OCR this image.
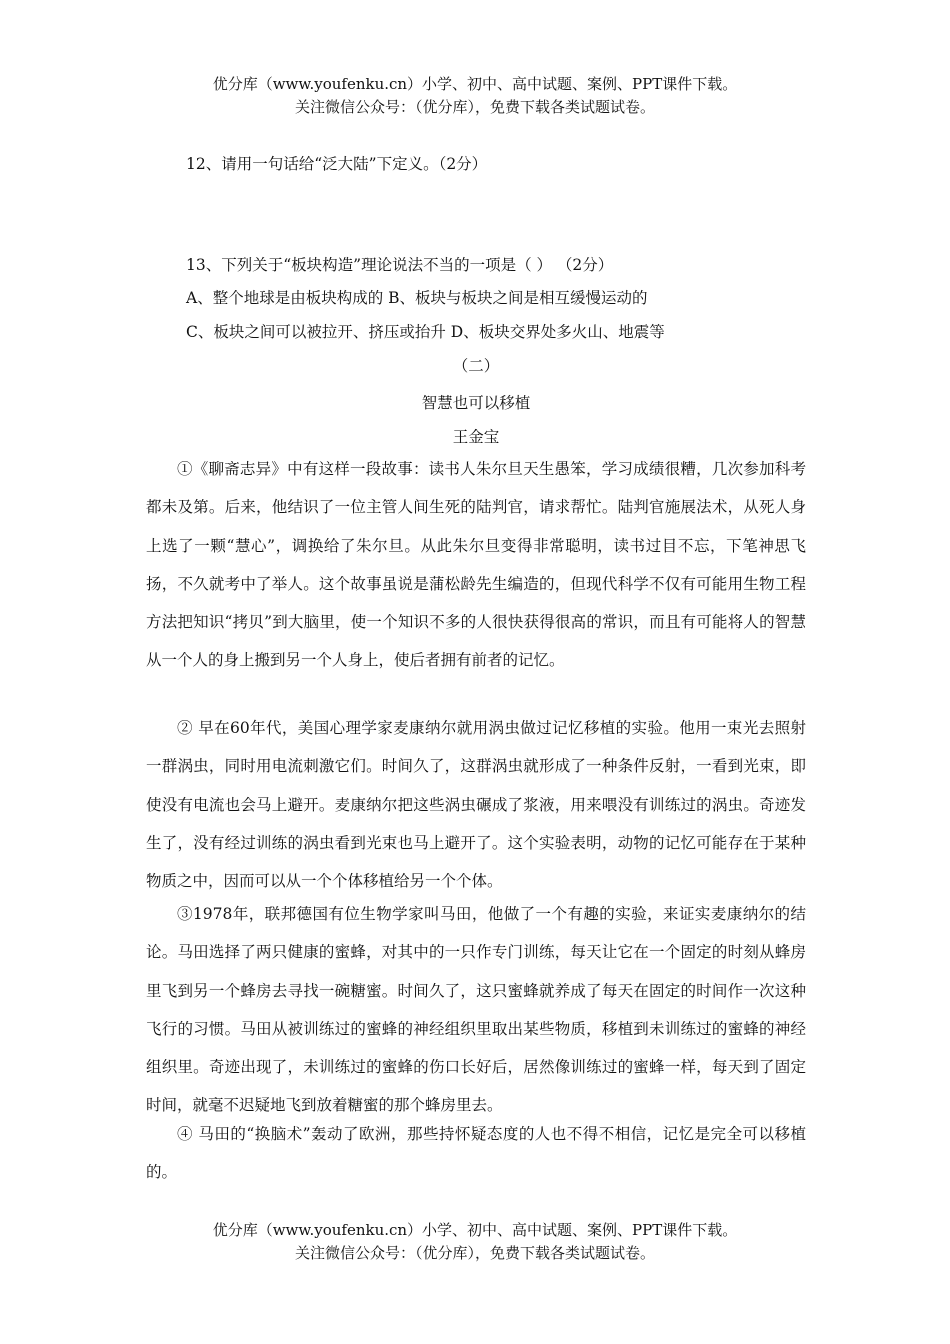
优分库（www.youfenku.cn）小学、初中、高中试题、案例、PPT课件下载。
关注微信公众号：（优分库），免费下载各类试题试卷。
12、请用一句话给“泛大陆”下定义。（2分）
13、下列关于“板块构造”理论说法不当的一项是（ ） （2分）
A、整个地球是由板块构成的 B、板块与板块之间是相互缓慢运动的
C、板块之间可以被拉开、挤压或抬升 D、板块交界处多火山、地震等
（二）
智慧也可以移植
王金宝

①《聊斋志异》中有这样一段故事：读书人朱尔旦天生愚笨，学习成绩很糟，几次参加科考都未及第。后来，他结识了一位主管人间生死的陆判官，请求帮忙。陆判官施展法术，从死人身上选了一颗“慧心”，调换给了朱尔旦。从此朱尔旦变得非常聪明，读书过目不忘，下笔神思飞扬，不久就考中了举人。这个故事虽说是蒲松龄先生编造的，但现代科学不仅有可能用生物工程方法把知识“拷贝”到大脑里，使一个知识不多的人很快获得很高的常识，而且有可能将人的智慧从一个人的身上搬到另一个人身上，使后者拥有前者的记忆。

② 早在60年代，美国心理学家麦康纳尔就用涡虫做过记忆移植的实验。他用一束光去照射一群涡虫，同时用电流刺激它们。时间久了，这群涡虫就形成了一种条件反射，一看到光束，即使没有电流也会马上避开。麦康纳尔把这些涡虫碾成了浆液，用来喂没有训练过的涡虫。奇迹发生了，没有经过训练的涡虫看到光束也马上避开了。这个实验表明，动物的记忆可能存在于某种物质之中，因而可以从一个个体移植给另一个个体。

③1978年，联邦德国有位生物学家叫马田，他做了一个有趣的实验，来证实麦康纳尔的结论。马田选择了两只健康的蜜蜂，对其中的一只作专门训练，每天让它在一个固定的时刻从蜂房里飞到另一个蜂房去寻找一碗糖蜜。时间久了，这只蜜蜂就养成了每天在固定的时间作一次这种飞行的习惯。马田从被训练过的蜜蜂的神经组织里取出某些物质，移植到未训练过的蜜蜂的神经组织里。奇迹出现了，未训练过的蜜蜂的伤口长好后，居然像训练过的蜜蜂一样，每天到了固定时间，就毫不迟疑地飞到放着糖蜜的那个蜂房里去。

④ 马田的“换脑术”轰动了欧洲，那些持怀疑态度的人也不得不相信，记忆是完全可以移植的。

优分库（www.youfenku.cn）小学、初中、高中试题、案例、PPT课件下载。
关注微信公众号：（优分库），免费下载各类试题试卷。
